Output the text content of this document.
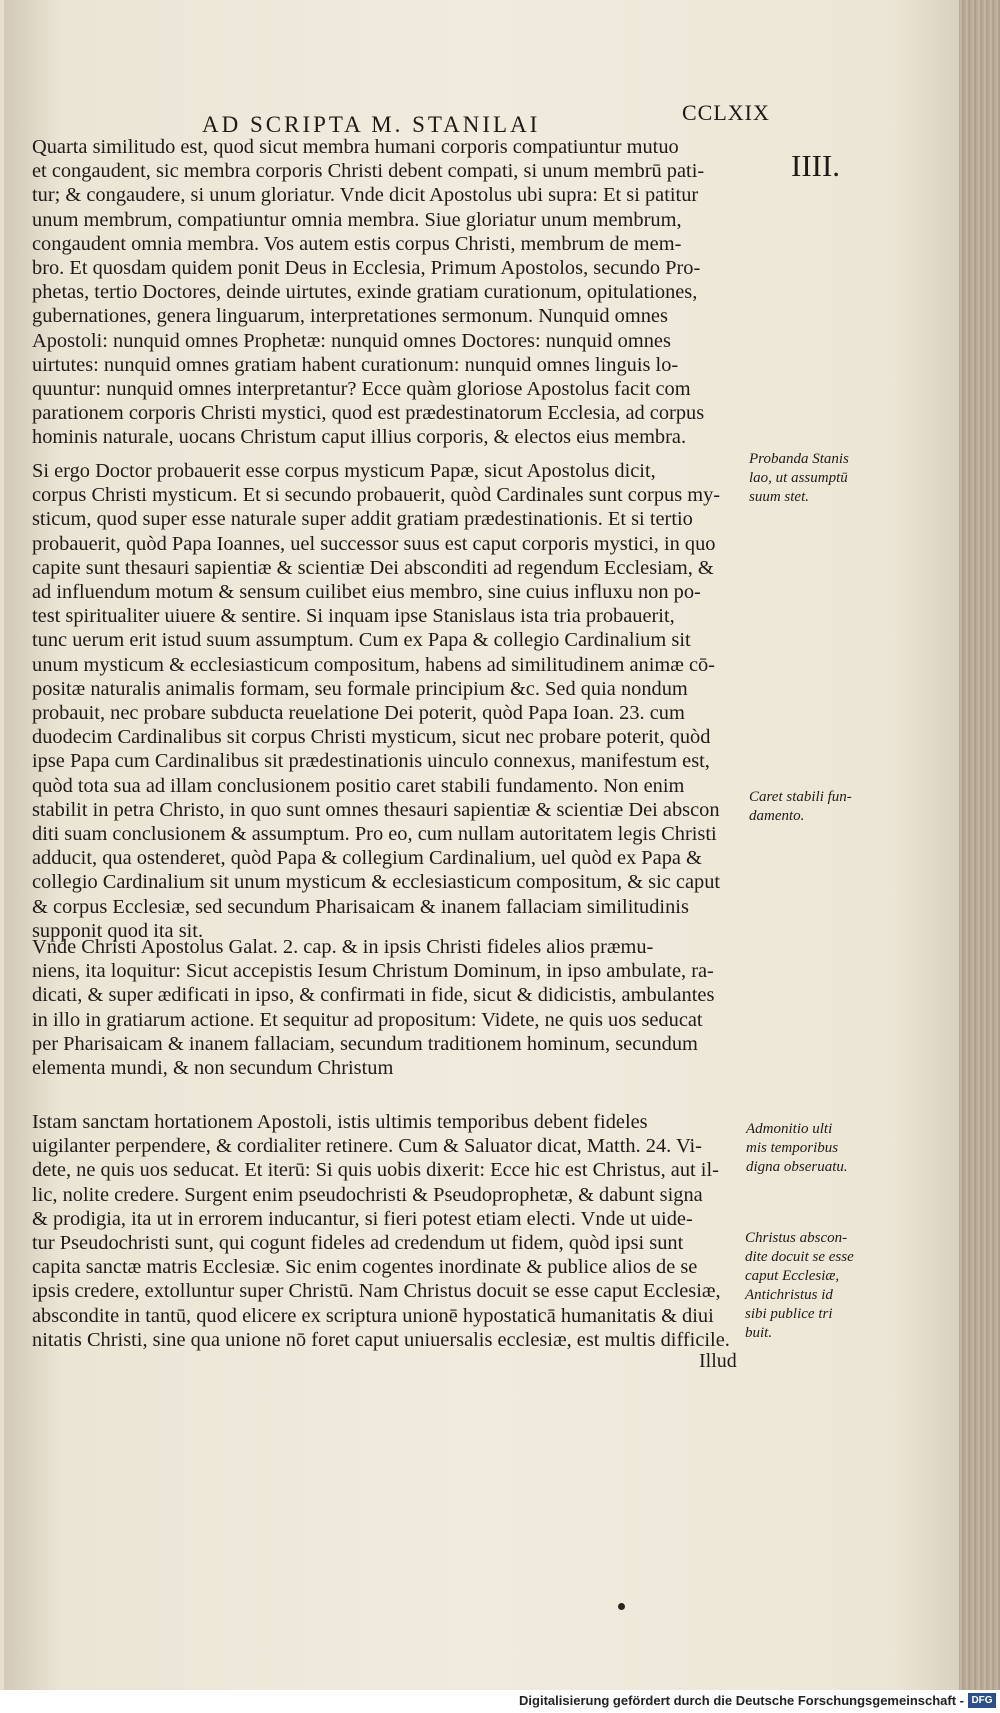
AD SCRIPTA M. STANILAI	CCLXIX
IIII.
Quarta similitudo est, quod sicut membra humani corporis compatiuntur mutuo
et congaudent, sic membra corporis Christi debent compati, si unum membrū pati-
tur; & congaudere, si unum gloriatur. Vnde dicit Apostolus ubi supra: Et si patitur
unum membrum, compatiuntur omnia membra. Siue gloriatur unum membrum,
congaudent omnia membra. Vos autem estis corpus Christi, membrum de mem-
bro. Et quosdam quidem ponit Deus in Ecclesia, Primum Apostolos, secundo Pro-
phetas, tertio Doctores, deinde uirtutes, exinde gratiam curationum, opitulationes,
gubernationes, genera linguarum, interpretationes sermonum. Nunquid omnes
Apostoli: nunquid omnes Prophetæ: nunquid omnes Doctores: nunquid omnes
uirtutes: nunquid omnes gratiam habent curationum: nunquid omnes linguis lo-
quuntur: nunquid omnes interpretantur? Ecce quàm gloriose Apostolus facit com
parationem corporis Christi mystici, quod est prædestinatorum Ecclesia, ad corpus
hominis naturale, uocans Christum caput illius corporis, & electos eius membra.
Si ergo Doctor probauerit esse corpus mysticum Papæ, sicut Apostolus dicit,
corpus Christi mysticum. Et si secundo probauerit, quòd Cardinales sunt corpus my-
sticum, quod super esse naturale super addit gratiam prædestinationis. Et si tertio
probauerit, quòd Papa Ioannes, uel successor suus est caput corporis mystici, in quo
capite sunt thesauri sapientiæ & scientiæ Dei absconditi ad regendum Ecclesiam, &
ad influendum motum & sensum cuilibet eius membro, sine cuius influxu non po-
test spiritualiter uiuere & sentire. Si inquam ipse Stanislaus ista tria probauerit,
tunc uerum erit istud suum assumptum. Cum ex Papa & collegio Cardinalium sit
unum mysticum & ecclesiasticum compositum, habens ad similitudinem animæ cō-
positæ naturalis animalis formam, seu formale principium &c. Sed quia nondum
probauit, nec probare subducta reuelatione Dei poterit, quòd Papa Ioan. 23. cum
duodecim Cardinalibus sit corpus Christi mysticum, sicut nec probare poterit, quòd
ipse Papa cum Cardinalibus sit prædestinationis uinculo connexus, manifestum est,
quòd tota sua ad illam conclusionem positio caret stabili fundamento. Non enim
stabilit in petra Christo, in quo sunt omnes thesauri sapientiæ & scientiæ Dei abscon
diti suam conclusionem & assumptum. Pro eo, cum nullam autoritatem legis Christi
adducit, qua ostenderet, quòd Papa & collegium Cardinalium, uel quòd ex Papa &
collegio Cardinalium sit unum mysticum & ecclesiasticum compositum, & sic caput
& corpus Ecclesiæ, sed secundum Pharisaicam & inanem fallaciam similitudinis
supponit quod ita sit.
Vnde Christi Apostolus Galat. 2. cap. & in ipsis Christi fideles alios præmu-
niens, ita loquitur: Sicut accepistis Iesum Christum Dominum, in ipso ambulate, ra-
dicati, & super ædificati in ipso, & confirmati in fide, sicut & didicistis, ambulantes
in illo in gratiarum actione. Et sequitur ad propositum: Videte, ne quis uos seducat
per Pharisaicam & inanem fallaciam, secundum traditionem hominum, secundum
elementa mundi, & non secundum Christum
Istam sanctam hortationem Apostoli, istis ultimis temporibus debent fideles
uigilanter perpendere, & cordialiter retinere. Cum & Saluator dicat, Matth. 24. Vi-
dete, ne quis uos seducat. Et iterū: Si quis uobis dixerit: Ecce hic est Christus, aut il-
lic, nolite credere. Surgent enim pseudochristi & Pseudoprophetæ, & dabunt signa
& prodigia, ita ut in errorem inducantur, si fieri potest etiam electi. Vnde ut uide-
tur Pseudochristi sunt, qui cogunt fideles ad credendum ut fidem, quòd ipsi sunt
capita sanctæ matris Ecclesiæ. Sic enim cogentes inordinate & publice alios de se
ipsis credere, extolluntur super Christū. Nam Christus docuit se esse caput Ecclesiæ,
abscondite in tantū, quod elicere ex scriptura unionē hypostaticā humanitatis & diui
nitatis Christi, sine qua unione nō foret caput uniuersalis ecclesiæ, est multis difficile.
Probanda Stanis
lao, ut assumptū
suum stet.
Caret stabili fun-
damento.
Admonitio ulti
mis temporibus
digna obseruatu.
Christus abscon-
dite docuit se esse
caput Ecclesiæ,
Antichristus id
sibi publice tri
buit.
Illud
Digitalisierung gefördert durch die Deutsche Forschungsgemeinschaft - DFG
